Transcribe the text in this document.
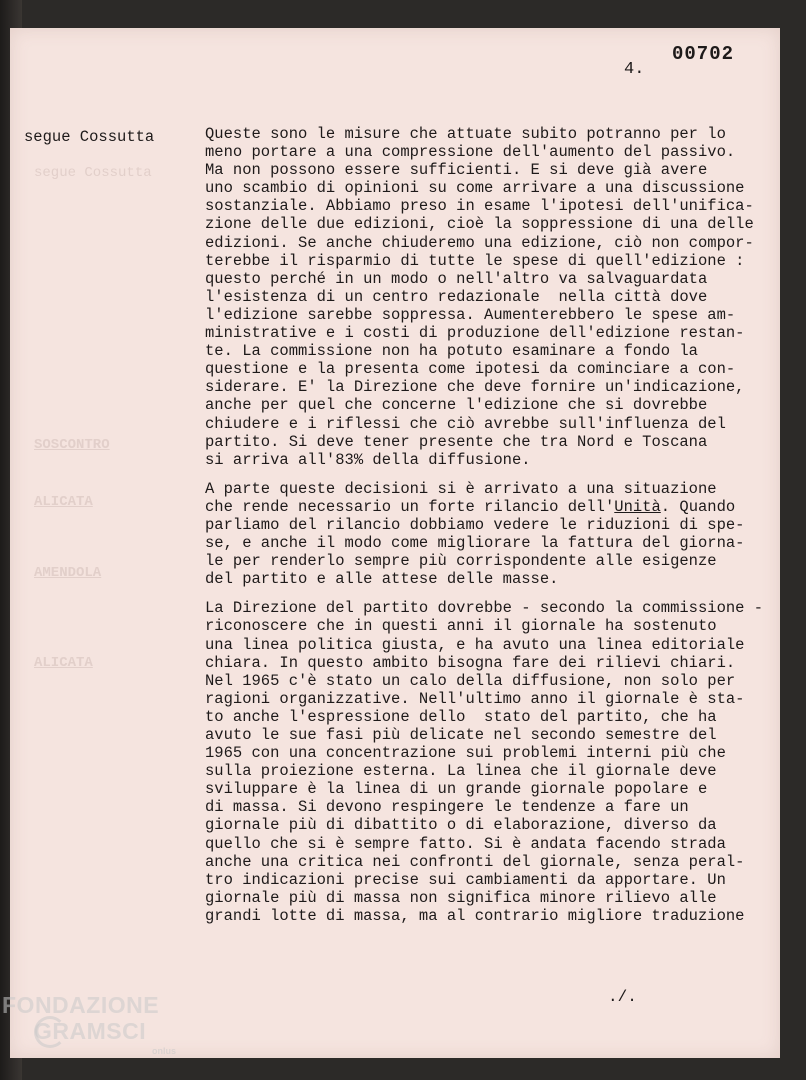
00702
4.
segue Cossutta
SOSCONTRO
ALICATA
AMENDOLA
ALICATA
segue Cossutta	Queste sono le misure che attuate subito potranno per lo
meno portare a una compressione dell'aumento del passivo.
Ma non possono essere sufficienti. E si deve già avere
uno scambio di opinioni su come arrivare a una discussione
sostanziale. Abbiamo preso in esame l'ipotesi dell'unifica-
zione delle due edizioni, cioè la soppressione di una delle
edizioni. Se anche chiuderemo una edizione, ciò non compor-
terebbe il risparmio di tutte le spese di quell'edizione :
questo perché in un modo o nell'altro va salvaguardata
l'esistenza di un centro redazionale  nella città dove
l'edizione sarebbe soppressa. Aumenterebbero le spese am-
ministrative e i costi di produzione dell'edizione restan-
te. La commissione non ha potuto esaminare a fondo la
questione e la presenta come ipotesi da cominciare a con-
siderare. E' la Direzione che deve fornire un'indicazione,
anche per quel che concerne l'edizione che si dovrebbe
chiudere e i riflessi che ciò avrebbe sull'influenza del
partito. Si deve tener presente che tra Nord e Toscana
si arriva all'83% della diffusione.
A parte queste decisioni si è arrivato a una situazione
che rende necessario un forte rilancio dell'Unità. Quando
parliamo del rilancio dobbiamo vedere le riduzioni di spe-
se, e anche il modo come migliorare la fattura del giorna-
le per renderlo sempre più corrispondente alle esigenze
del partito e alle attese delle masse.
La Direzione del partito dovrebbe - secondo la commissione -
riconoscere che in questi anni il giornale ha sostenuto
una linea politica giusta, e ha avuto una linea editoriale
chiara. In questo ambito bisogna fare dei rilievi chiari.
Nel 1965 c'è stato un calo della diffusione, non solo per
ragioni organizzative. Nell'ultimo anno il giornale è sta-
to anche l'espressione dello  stato del partito, che ha
avuto le sue fasi più delicate nel secondo semestre del
1965 con una concentrazione sui problemi interni più che
sulla proiezione esterna. La linea che il giornale deve
sviluppare è la linea di un grande giornale popolare e
di massa. Si devono respingere le tendenze a fare un
giornale più di dibattito o di elaborazione, diverso da
quello che si è sempre fatto. Si è andata facendo strada
anche una critica nei confronti del giornale, senza peral-
tro indicazioni precise sui cambiamenti da apportare. Un
giornale più di massa non significa minore rilievo alle
grandi lotte di massa, ma al contrario migliore traduzione
./.
FONDAZIONE
GRAMSCI
onlus
